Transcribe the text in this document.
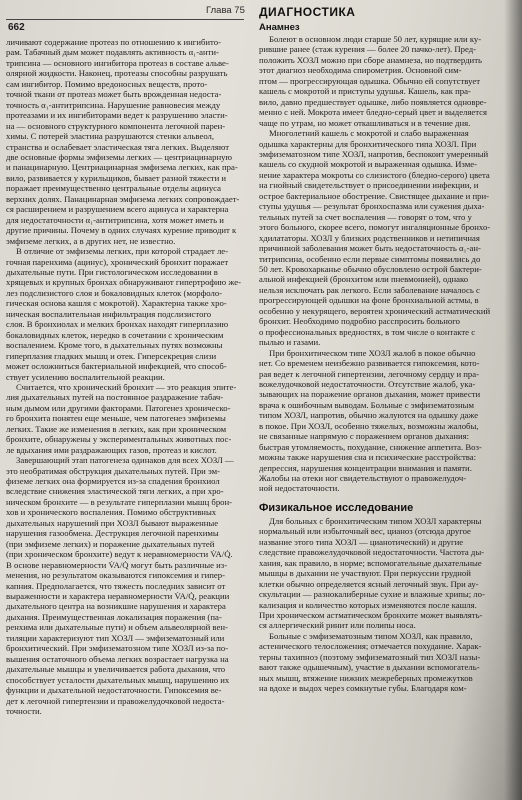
Глава 75
662
личивают содержание протеаз по отношению к ингибито-
рам. Табачный дым может подавлять активность α₁-анти-
трипсина — основного ингибитора протеаз в составе альве-
олярной жидкости. Наконец, протеазы способны разрушать
сам ингибитор. Помимо вредоносных веществ, прото-
точной ткани от протеаз может быть врожденная недоста-
точность α₁-антитрипсина. Нарушение равновесия между
протеазами и их ингибиторами ведет к разрушению эласти-
на — основного структурного компонента легочной парен-
химы. С потерей эластина разрушаются стенки альвеол,
странства и ослабевает эластическая тяга легких. Выделяют
две основные формы эмфиземы легких — центриацинарную
и панацинарную. Центриацинарная эмфизема легких, как пра-
вило, развивается у курильщиков, бывает разной тяжести и
поражает преимущественно центральные отделы ацинуса
верхних долях. Панацинарная эмфизема легких сопровождает-
ся расширением и разрушением всего ацинуса и характерна
для недостаточности α₁-антитрипсина, хотя может иметь и
другие причины. Почему в одних случаях курение приводит к
эмфиземе легких, а в других нет, не известно.
В отличие от эмфиземы легких, при которой страдает ле-
гочная паренхима (ацинус), хронический бронхит поражает
дыхательные пути. При гистологическом исследовании в
хрящевых и крупных бронхах обнаруживают гипертрофию же-
лез подслизистого слоя и бокаловидных клеток (морфоло-
гическая основа кашля с мокротой). Характерна также хро-
ническая воспалительная инфильтрация подслизистого
слоя. В бронхиолах и мелких бронхах находят гиперплазию
бокаловидных клеток, нередко в сочетании с хроническим
воспалением. Кроме того, в дыхательных путях возможны
гиперплазия гладких мышц и отек. Гиперсекреция слизи
может осложниться бактериальной инфекцией, что способ-
ствует усилению воспалительной реакции.
Считается, что хронический бронхит — это реакция эпите-
лия дыхательных путей на постоянное раздражение табач-
ным дымом или другими факторами. Патогенез хроническо-
го бронхита понятен еще меньше, чем патогенез эмфиземы
легких. Такие же изменения в легких, как при хроническом
бронхите, обнаружены у экспериментальных животных пос-
ле вдыхания ими раздражающих газов, протеаз и кислот.
Завершающий этап патогенеза одинаков для всех ХОЗЛ —
это необратимая обструкция дыхательных путей. При эм-
физеме легких она формируется из-за спадения бронхиол
вследствие снижения эластической тяги легких, а при хро-
ническом бронхите — в результате гиперплазии мышц брон-
хов и хронического воспаления. Помимо обструктивных
дыхательных нарушений при ХОЗЛ бывают выраженные
нарушения газообмена. Деструкция легочной паренхимы
(при эмфиземе легких) и поражение дыхательных путей
(при хроническом бронхите) ведут к неравномерности V̇A/Q̇.
В основе неравномерности V̇A/Q̇ могут быть различные из-
менения, но результатом оказываются гипоксемия и гипер-
капния. Предполагается, что тяжесть последних зависит от
выраженности и характера неравномерности V̇A/Q̇, реакции
дыхательного центра на возникшие нарушения и характера
дыхания. Преимущественная локализация поражения (па-
ренхима или дыхательные пути) и объем альвеолярной вен-
тиляции характеризуют тип ХОЗЛ — эмфизематозный или
бронхитический. При эмфизематозном типе ХОЗЛ из-за по-
вышения остаточного объема легких возрастает нагрузка на
дыхательные мышцы и увеличивается работа дыхания, что
способствует усталости дыхательных мышц, нарушению их
функции и дыхательной недостаточности. Гипоксемия ве-
дет к легочной гипертензии и правожелудочковой недоста-
точности.
ДИАГНОСТИКА
Анамнез
Болеют в основном люди старше 50 лет, курящие или ку-
рившие ранее (стаж курения — более 20 пачко-лет). Пред-
положить ХОЗЛ можно при сборе анамнеза, но подтвердить
этот диагноз необходима спирометрия. Основной сим-
птом — прогрессирующая одышка. Обычно ей сопутствует
кашель с мокротой и приступы удушья. Кашель, как пра-
вило, давно предшествует одышке, либо появляется одновре-
менно с ней. Мокрота имеет бледно-серый цвет и выделяется
чаще по утрам, но может откашливаться и в течение дня.
Многолетний кашель с мокротой и слабо выраженная
одышка характерны для бронхитического типа ХОЗЛ. При
эмфизематозном типе ХОЗЛ, напротив, беспокоит умеренный
кашель со скудной мокротой и выраженная одышка. Изме-
нение характера мокроты со слизистого (бледно-серого) цвета
на гнойный свидетельствует о присоединении инфекции, и
острое бактериальное обострение. Свистящее дыхание и при-
ступы удушья — результат бронхоспазма или сужения дыха-
тельных путей за счет воспаления — говорят о том, что у
этого больного, скорее всего, помогут ингаляционные бронхо-
хдилататоры. ХОЗЛ у близких родственников и нетипичная
причинной заболевания может быть недостаточность α₁-ан-
титрипсина, особенно если первые симптомы появились до
50 лет. Кровохарканье обычно обусловлено острой бактери-
альной инфекцией (бронхитом или пневмонией), однако
нельзя исключать рак легкого. Если заболевание началось с
прогрессирующей одышки на фоне бронхиальной астмы, в
особенно у некурящего, вероятен хронический астматический
бронхит. Необходимо подробно расспросить больного
о профессиональных вредностях, в том числе о контакте с
пылью и газами.
При бронхитическом типе ХОЗЛ жалоб в покое обычно
нет. Со временем неизбежно развивается гипоксемия, кото-
рая ведет к легочной гипертензии, легочному сердцу и пра-
вожелудочковой недостаточности. Отсутствие жалоб, ука-
зывающих на поражение органов дыхания, может привести
врача к ошибочным выводам. Больные с эмфизематозным
типом ХОЗЛ, напротив, обычно жалуются на одышку даже
в покое. При ХОЗЛ, особенно тяжелых, возможны жалобы,
не связанные напрямую с поражением органов дыхания:
быстрая утомляемость, похудание, снижение аппетита. Воз-
можны также нарушения сна и психические расстройства:
депрессия, нарушения концентрации внимания и памяти.
Жалобы на отеки ног свидетельствуют о правожелудоч-
ной недостаточности.
Физикальное исследование
Для больных с бронхитическим типом ХОЗЛ характерны
нормальный или избыточный вес, цианоз (отсюда другое
название этого типа ХОЗЛ — цианотический) и другие
следствие правожелудочковой недостаточности. Частота ды-
хания, как правило, в норме; вспомогательные дыхательные
мышцы в дыхании не участвуют. При перкуссии грудной
клетки обычно определяется ясный легочный звук. При ау-
скультации — разнокалиберные сухие и влажные хрипы; ло-
кализация и количество которых изменяются после кашля.
При хроническом астматическом бронхите может выявлять-
ся аллергический ринит или полипы носа.
Больные с эмфизематозным типом ХОЗЛ, как правило,
астенического телосложения; отмечается похудание. Харак-
терны тахипноэ (поэтому эмфизематозный тип ХОЗЛ назы-
вают также одышечным), участие в дыхании вспомогатель-
ных мышц, втяжение нижних межреберных промежутков
на вдохе и выдох через сомкнутые губы. Благодаря ком-
